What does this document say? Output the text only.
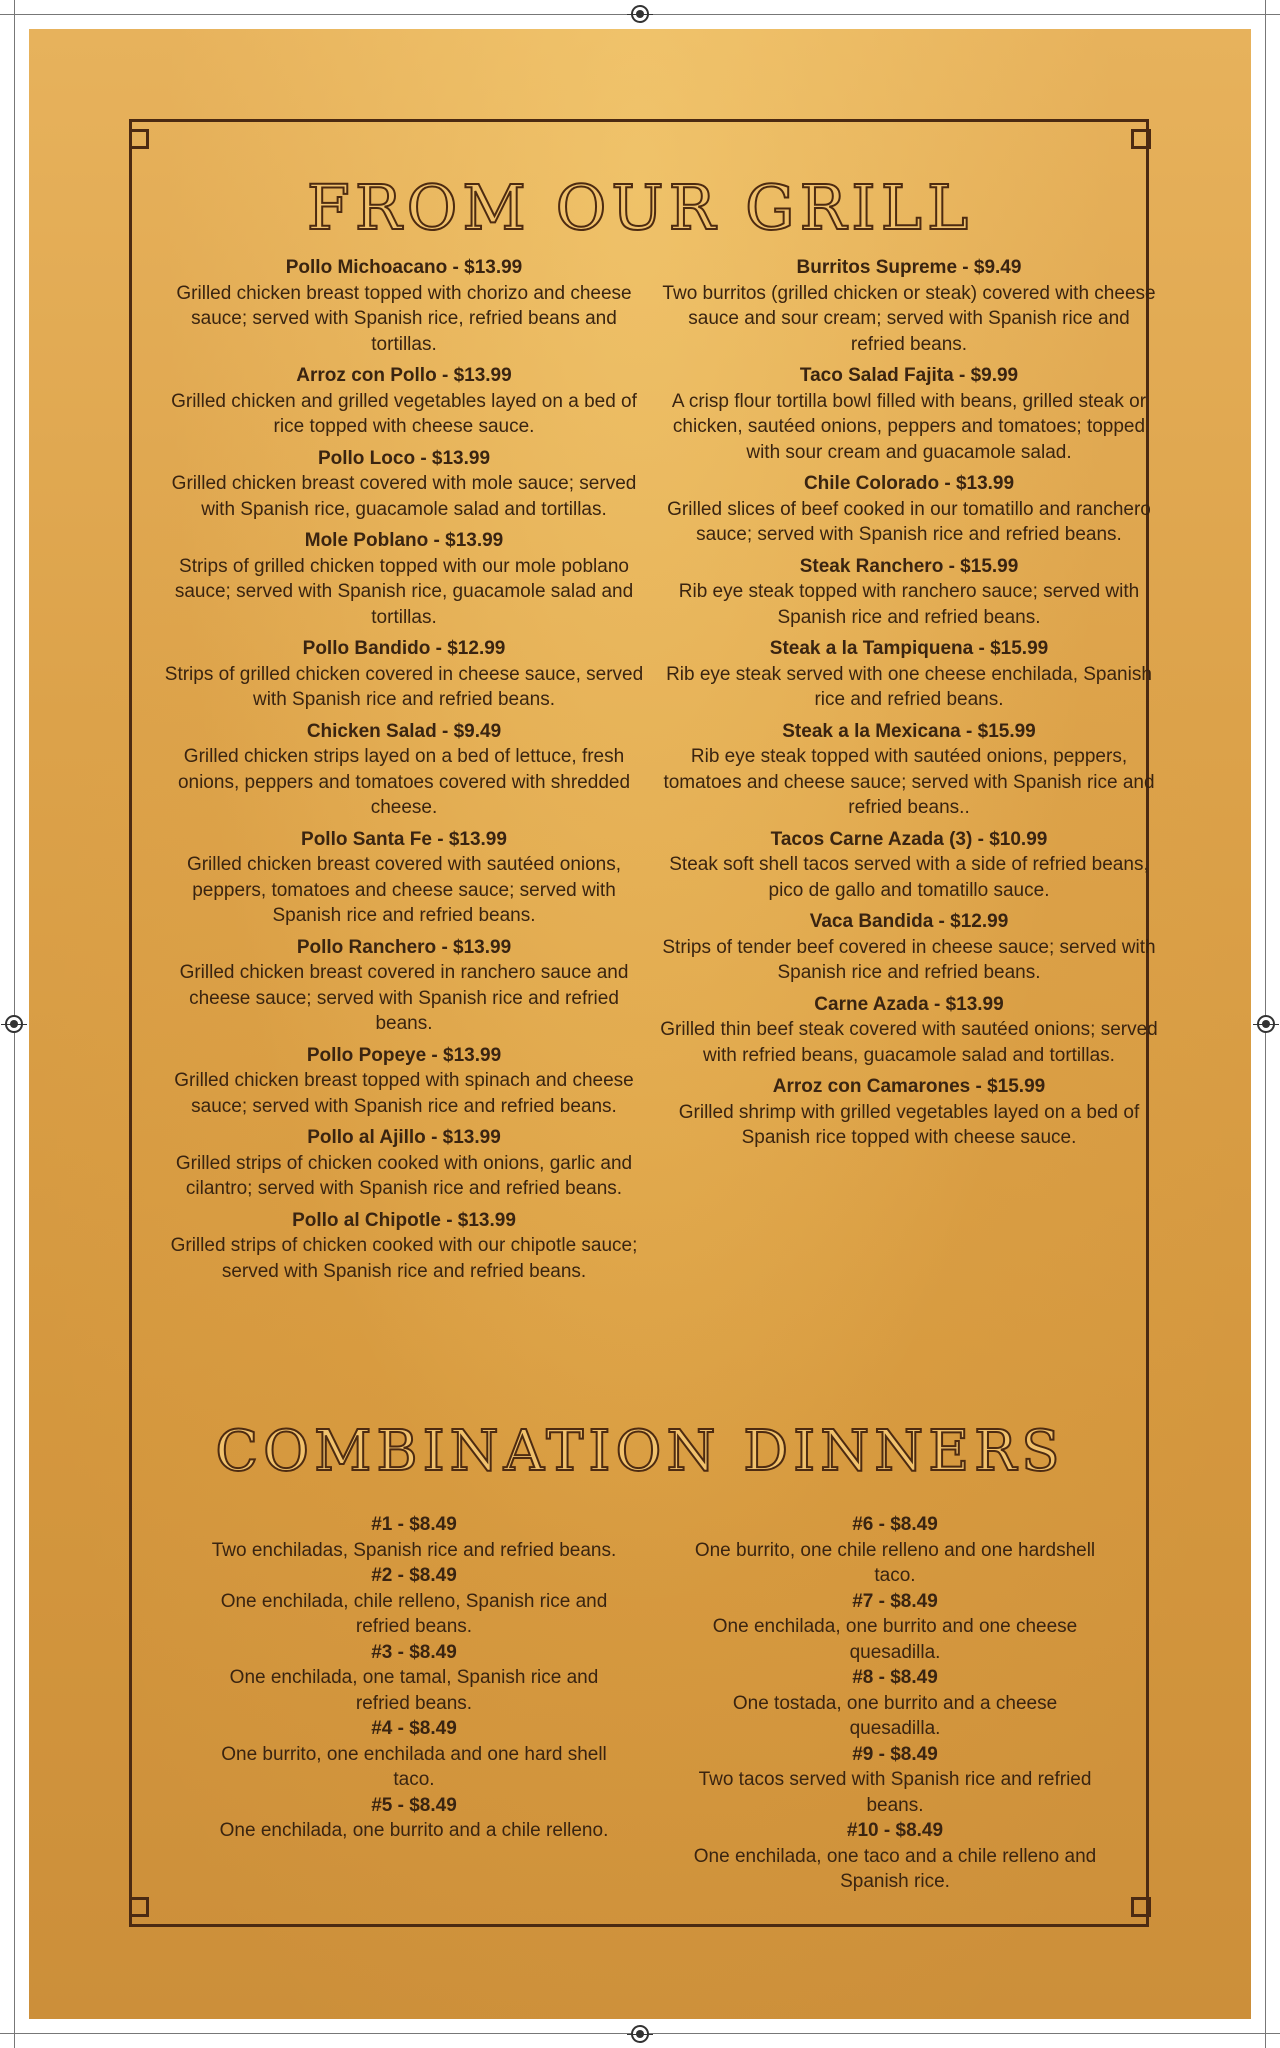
FROM OUR GRILL
Pollo Michoacano - $13.99
Grilled chicken breast topped with chorizo and cheese sauce; served with Spanish rice, refried beans and tortillas.
Arroz con Pollo - $13.99
Grilled chicken and grilled vegetables layed on a bed of rice topped with cheese sauce.
Pollo Loco - $13.99
Grilled chicken breast covered with mole sauce; served with Spanish rice, guacamole salad and tortillas.
Mole Poblano - $13.99
Strips of grilled chicken topped with our mole poblano sauce; served with Spanish rice, guacamole salad and tortillas.
Pollo Bandido - $12.99
Strips of grilled chicken covered in cheese sauce, served with Spanish rice and refried beans.
Chicken Salad - $9.49
Grilled chicken strips layed on a bed of lettuce, fresh onions, peppers and tomatoes covered with shredded cheese.
Pollo Santa Fe - $13.99
Grilled chicken breast covered with sautéed onions, peppers, tomatoes and cheese sauce; served with Spanish rice and refried beans.
Pollo Ranchero - $13.99
Grilled chicken breast covered in ranchero sauce and cheese sauce; served with Spanish rice and refried beans.
Pollo Popeye - $13.99
Grilled chicken breast topped with spinach and cheese sauce; served with Spanish rice and refried beans.
Pollo al Ajillo - $13.99
Grilled strips of chicken cooked with onions, garlic and cilantro; served with Spanish rice and refried beans.
Pollo al Chipotle - $13.99
Grilled strips of chicken cooked with our chipotle sauce; served with Spanish rice and refried beans.
Burritos Supreme - $9.49
Two burritos (grilled chicken or steak) covered with cheese sauce and sour cream; served with Spanish rice and refried beans.
Taco Salad Fajita - $9.99
A crisp flour tortilla bowl filled with beans, grilled steak or chicken, sautéed onions, peppers and tomatoes; topped with sour cream and guacamole salad.
Chile Colorado - $13.99
Grilled slices of beef cooked in our tomatillo and ranchero sauce; served with Spanish rice and refried beans.
Steak Ranchero - $15.99
Rib eye steak topped with ranchero sauce; served with Spanish rice and refried beans.
Steak a la Tampiquena - $15.99
Rib eye steak served with one cheese enchilada, Spanish rice and refried beans.
Steak a la Mexicana - $15.99
Rib eye steak topped with sautéed onions, peppers, tomatoes and cheese sauce; served with Spanish rice and refried beans..
Tacos Carne Azada (3) - $10.99
Steak soft shell tacos served with a side of refried beans, pico de gallo and tomatillo sauce.
Vaca Bandida - $12.99
Strips of tender beef covered in cheese sauce; served with Spanish rice and refried beans.
Carne Azada - $13.99
Grilled thin beef steak covered with sautéed onions; served with refried beans, guacamole salad and tortillas.
Arroz con Camarones - $15.99
Grilled shrimp with grilled vegetables layed on a bed of Spanish rice topped with cheese sauce.
COMBINATION DINNERS
#1 - $8.49
Two enchiladas, Spanish rice and refried beans.
#2 - $8.49
One enchilada, chile relleno, Spanish rice and refried beans.
#3 - $8.49
One enchilada, one tamal, Spanish rice and refried beans.
#4 - $8.49
One burrito, one enchilada and one hard shell taco.
#5 - $8.49
One enchilada, one burrito and a chile relleno.
#6 - $8.49
One burrito, one chile relleno and one hardshell taco.
#7 - $8.49
One enchilada, one burrito and one cheese quesadilla.
#8 - $8.49
One tostada, one burrito and a cheese quesadilla.
#9 - $8.49
Two tacos served with Spanish rice and refried beans.
#10 - $8.49
One enchilada, one taco and a chile relleno and Spanish rice.
